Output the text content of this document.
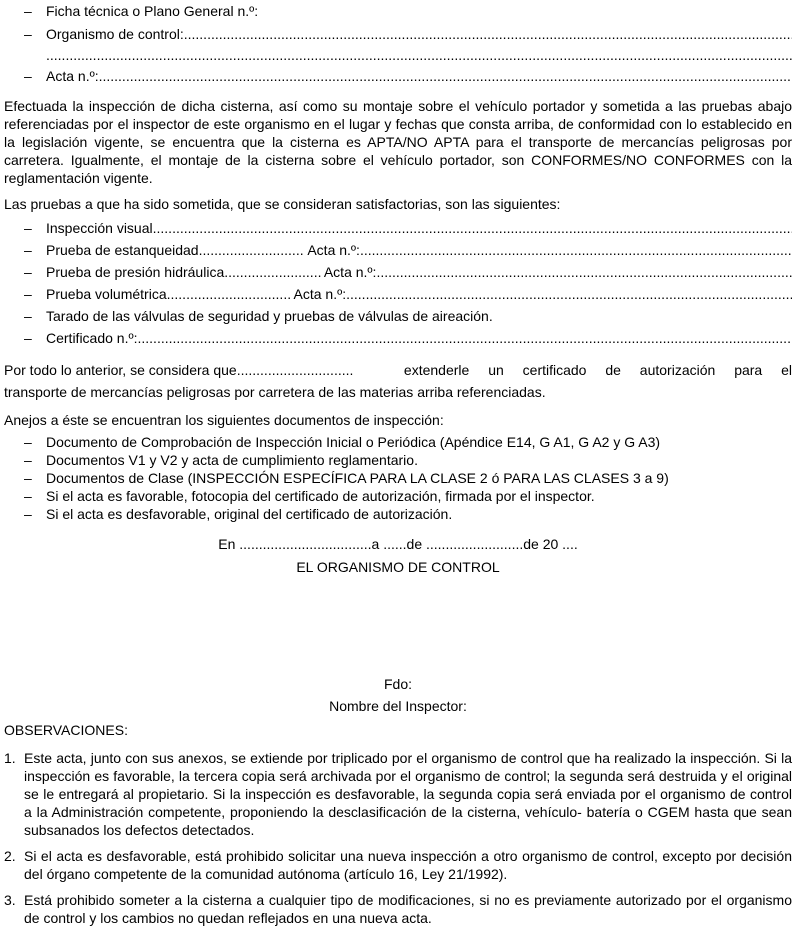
–	Ficha técnica o Plano General n.º:
–	Organismo de control:
.....
.....
–	Acta n.º:
.....

Efectuada la inspección de dicha cisterna, así como su montaje sobre el vehículo portador y sometida a las pruebas abajo referenciadas por el inspector de este organismo en el lugar y fechas que consta arriba, de conformidad con lo establecido en la legislación vigente, se encuentra que la cisterna es APTA/NO APTA para el transporte de mercancías peligrosas por carretera. Igualmente, el montaje de la cisterna sobre el vehículo portador, son CONFORMES/NO CONFORMES con la reglamentación vigente.

Las pruebas a que ha sido sometida, que se consideran satisfactorias, son las siguientes:

–	Inspección visual
.....
–	Prueba de estanqueidad .....	Acta n.º:
.....
–	Prueba de presión hidráulica .....	Acta n.º:
.....
–	Prueba volumétrica .....	Acta n.º:
.....
–	Tarado de las válvulas de seguridad y pruebas de válvulas de aireación.
–	Certificado n.º:
.....
Por todo lo anterior, se considera que..............................	extenderle un certificado de autorización para el
transporte de mercancías peligrosas por carretera de las materias arriba referenciadas.

Anejos a éste se encuentran los siguientes documentos de inspección:

–	Documento de Comprobación de Inspección Inicial o Periódica (Apéndice E14, G A1, G A2 y G A3)
–	Documentos V1 y V2 y acta de cumplimiento reglamentario.
–	Documentos de Clase (INSPECCIÓN ESPECÍFICA PARA LA CLASE 2 ó PARA LAS CLASES 3 a 9)
–	Si el acta es favorable, fotocopia del certificado de autorización, firmada por el inspector.
–	Si el acta es desfavorable, original del certificado de autorización.
En ..................................a ......de .........................de 20 ....
EL ORGANISMO DE CONTROL
Fdo:
Nombre del Inspector:
OBSERVACIONES:
1. Este acta, junto con sus anexos, se extiende por triplicado por el organismo de control que ha realizado la inspección. Si la inspección es favorable, la tercera copia será archivada por el organismo de control; la segunda será destruida y el original se le entregará al propietario. Si la inspección es desfavorable, la segunda copia será enviada por el organismo de control a la Administración competente, proponiendo la desclasificación de la cisterna, vehículo- batería o CGEM hasta que sean subsanados los defectos detectados.
2. Si el acta es desfavorable, está prohibido solicitar una nueva inspección a otro organismo de control, excepto por decisión del órgano competente de la comunidad autónoma (artículo 16, Ley 21/1992).
3. Está prohibido someter a la cisterna a cualquier tipo de modificaciones, si no es previamente autorizado por el organismo de control y los cambios no quedan reflejados en una nueva acta.
